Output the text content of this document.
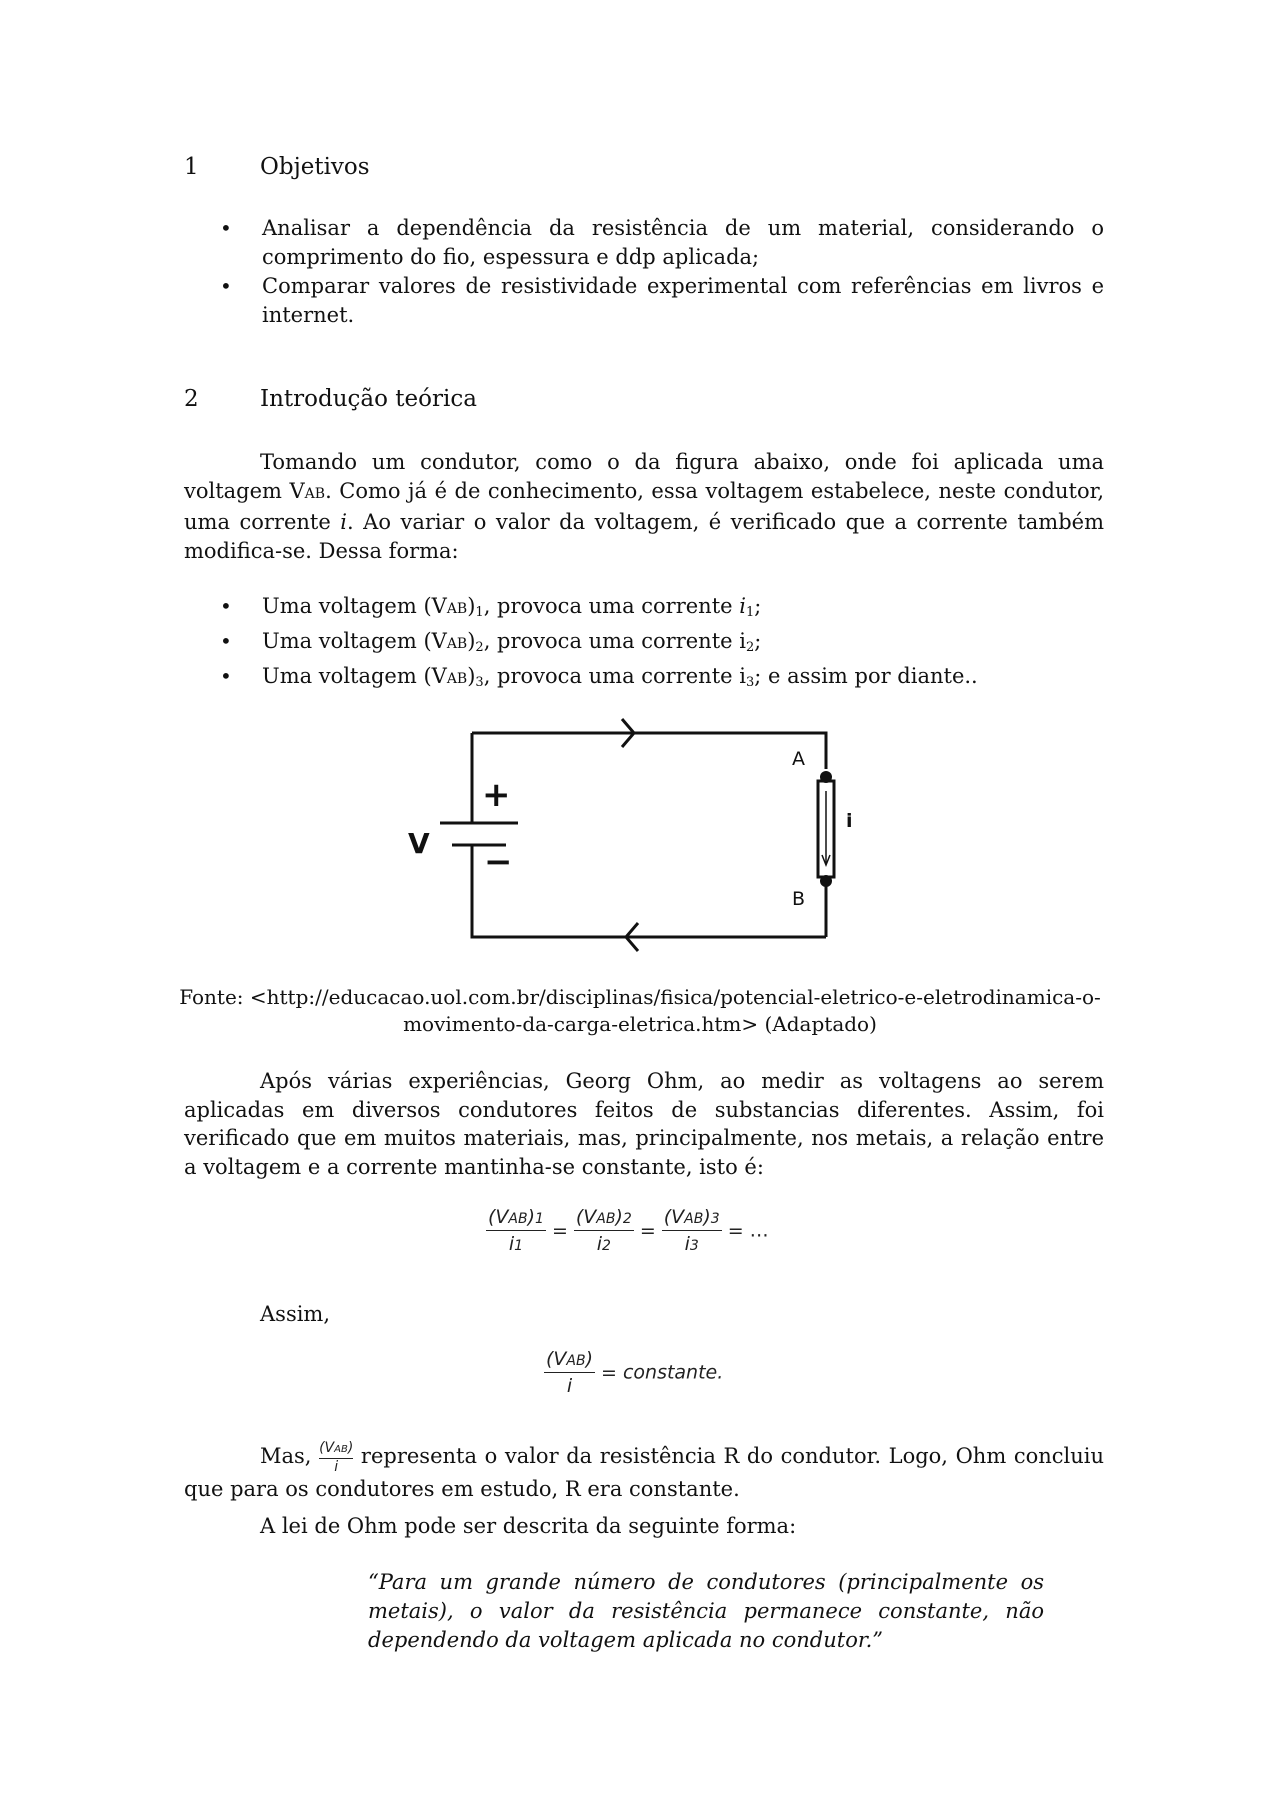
1	Objetivos
• Analisar a dependência da resistência de um material, considerando o comprimento do fio, espessura e ddp aplicada;
• Comparar valores de resistividade experimental com referências em livros e internet.
2	Introdução teórica

Tomando um condutor, como o da figura abaixo, onde foi aplicada uma voltagem VAB. Como já é de conhecimento, essa voltagem estabelece, neste condutor, uma corrente i. Ao variar o valor da voltagem, é verificado que a corrente também modifica-se. Dessa forma:

• Uma voltagem $(VAB)_1$, provoca uma corrente $i_1$;
• Uma voltagem $(VAB)_2$, provoca uma corrente $i_2$;
• Uma voltagem $(VAB)_3$, provoca uma corrente $i_3$; e assim por diante..
+
−
V
A
B
i
Fonte: <http://educacao.uol.com.br/disciplinas/fisica/potencial-eletrico-e-eletrodinamica-o-
movimento-da-carga-eletrica.htm> (Adaptado)

Após várias experiências, Georg Ohm, ao medir as voltagens ao serem aplicadas em diversos condutores feitos de substancias diferentes. Assim, foi verificado que em muitos materiais, mas, principalmente, nos metais, a relação entre a voltagem e a corrente mantinha-se constante, isto é:

$\frac{\text{(VAB)1}}{i1} = \frac{\text{(VAB)2}}{i2} = \frac{\text{(VAB)3}}{i3}$ = …
Assim,
$\frac{\text{(VAB)}}{i}$ = constante.

Mas, (VAB)
i representa o valor da resistência R do condutor. Logo, Ohm concluiu que para os condutores em estudo, R era constante.

A lei de Ohm pode ser descrita da seguinte forma:
“Para um grande número de condutores (principalmente os metais), o valor da resistência permanece constante, não dependendo da voltagem aplicada no condutor.”
